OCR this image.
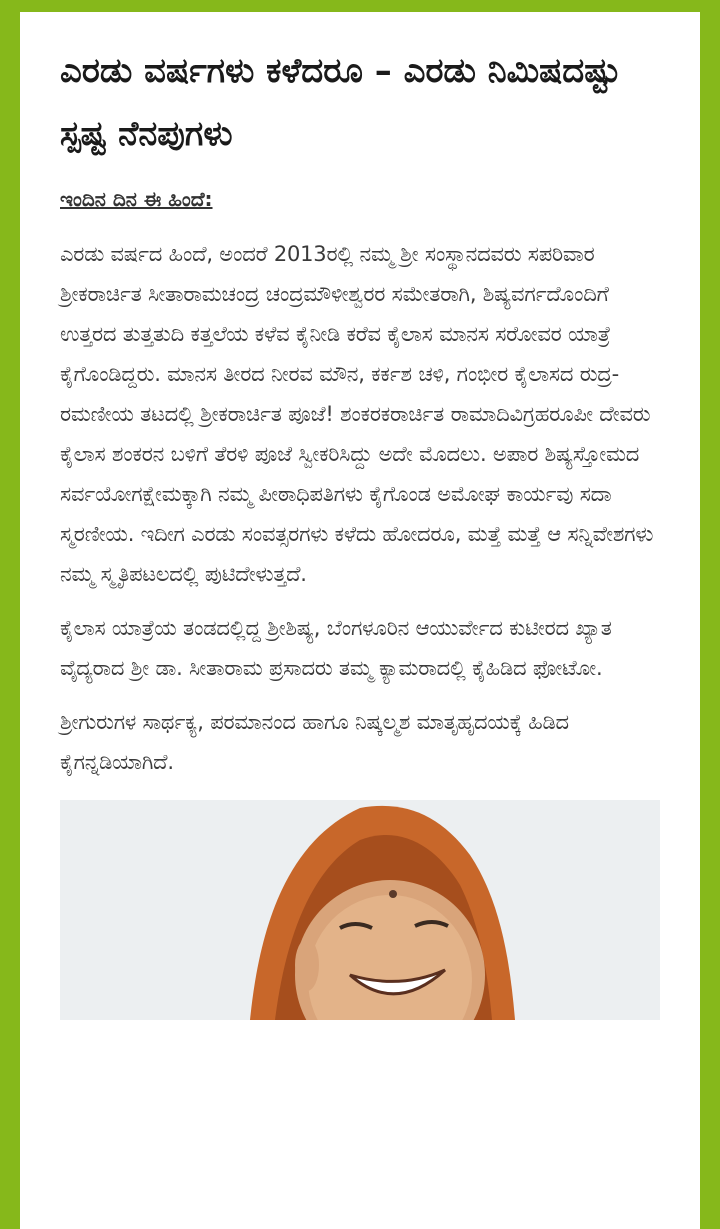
ಎರಡು ವರ್ಷಗಳು ಕಳೆದರೂ – ಎರಡು ನಿಮಿಷದಷ್ಟು ಸ್ಪಷ್ಟ ನೆನಪುಗಳು
ಇಂದಿನ ದಿನ ಈ ಹಿಂದೆ:

ಎರಡು ವರ್ಷದ ಹಿಂದೆ, ಅಂದರೆ 2013ರಲ್ಲಿ ನಮ್ಮ ಶ್ರೀ ಸಂಸ್ಥಾನದವರು ಸಪರಿವಾರ ಶ್ರೀಕರಾರ್ಚಿತ ಸೀತಾರಾಮಚಂದ್ರ ಚಂದ್ರಮೌಳೀಶ್ವರರ ಸಮೇತರಾಗಿ, ಶಿಷ್ಯವರ್ಗದೊಂದಿಗೆ ಉತ್ತರದ ತುತ್ತತುದಿ ಕತ್ತಲೆಯ ಕಳೆವ ಕೈನೀಡಿ ಕರೆವ ಕೈಲಾಸ ಮಾನಸ ಸರೋವರ ಯಾತ್ರೆ ಕೈಗೊಂಡಿದ್ದರು. ಮಾನಸ ತೀರದ ನೀರವ ಮೌನ, ಕರ್ಕಶ ಚಳಿ, ಗಂಭೀರ ಕೈಲಾಸದ ರುದ್ರ-ರಮಣೀಯ ತಟದಲ್ಲಿ ಶ್ರೀಕರಾರ್ಚಿತ ಪೂಜೆ! ಶಂಕರಕರಾರ್ಚಿತ ರಾಮಾದಿವಿಗ್ರಹರೂಪೀ ದೇವರು ಕೈಲಾಸ ಶಂಕರನ ಬಳಿಗೆ ತೆರಳಿ ಪೂಜೆ ಸ್ವೀಕರಿಸಿದ್ದು ಅದೇ ಮೊದಲು. ಅಪಾರ ಶಿಷ್ಯಸ್ತೋಮದ ಸರ್ವಯೋಗಕ್ಷೇಮಕ್ಕಾಗಿ ನಮ್ಮ ಪೀಠಾಧಿಪತಿಗಳು ಕೈಗೊಂಡ ಅಮೋಘ ಕಾರ್ಯವು ಸದಾ ಸ್ಮರಣೀಯ. ಇದೀಗ ಎರಡು ಸಂವತ್ಸರಗಳು ಕಳೆದು ಹೋದರೂ, ಮತ್ತೆ ಮತ್ತೆ ಆ ಸನ್ನಿವೇಶಗಳು ನಮ್ಮ ಸ್ಮೃತಿಪಟಲದಲ್ಲಿ ಪುಟಿದೇಳುತ್ತದೆ.

ಕೈಲಾಸ ಯಾತ್ರೆಯ ತಂಡದಲ್ಲಿದ್ದ ಶ್ರೀಶಿಷ್ಯ, ಬೆಂಗಳೂರಿನ ಆಯುರ್ವೇದ ಕುಟೀರದ ಖ್ಯಾತ ವೈದ್ಯರಾದ ಶ್ರೀ ಡಾ. ಸೀತಾರಾಮ ಪ್ರಸಾದರು ತಮ್ಮ ಕ್ಯಾಮರಾದಲ್ಲಿ ಕೈಹಿಡಿದ ಫೋಟೋ.

ಶ್ರೀಗುರುಗಳ ಸಾರ್ಥಕ್ಯ, ಪರಮಾನಂದ ಹಾಗೂ ನಿಷ್ಕಲ್ಮಶ ಮಾತೃಹೃದಯಕ್ಕೆ ಹಿಡಿದ ಕೈಗನ್ನಡಿಯಾಗಿದೆ.
